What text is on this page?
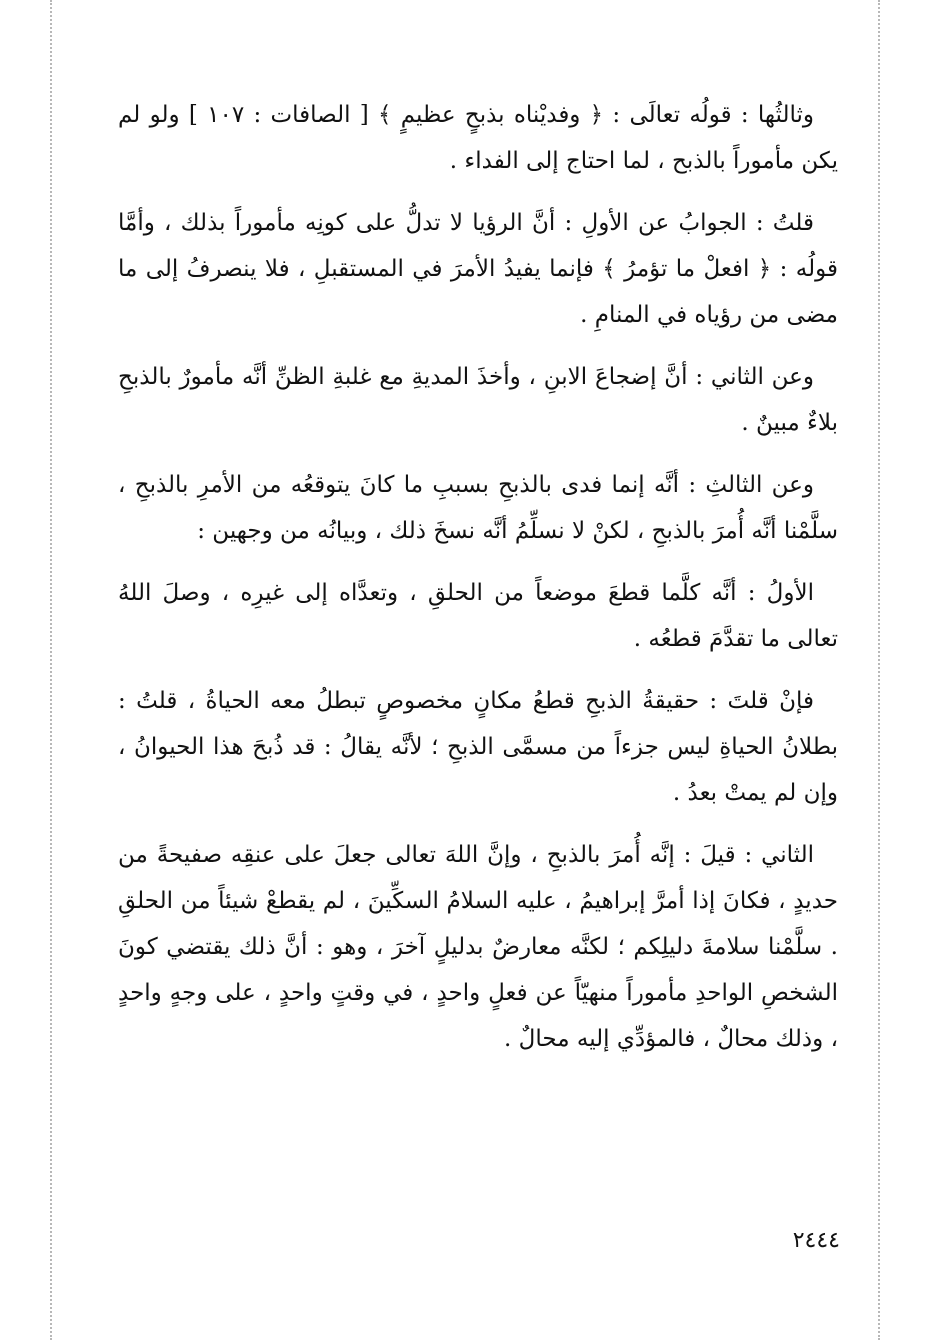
وثالثُها : قولُه تعالَى : ﴿ وفديْناه بذبحٍ عظيمٍ ﴾ [ الصافات : ١٠٧ ] ولو لم يكن مأموراً بالذبح ، لما احتاج إلى الفداء .

قلتُ : الجوابُ عن الأولِ : أنَّ الرؤيا لا تدلُّ على كونِه مأموراً بذلك ، وأمَّا قولُه : ﴿ افعلْ ما تؤمرُ ﴾ فإنما يفيدُ الأمرَ في المستقبلِ ، فلا ينصرفُ إلى ما مضى من رؤياه في المنامِ .

وعن الثاني : أنَّ إضجاعَ الابنِ ، وأخذَ المديةِ مع غلبةِ الظنِّ أنَّه مأمورٌ بالذبحِ بلاءٌ مبينٌ .

وعن الثالثِ : أنَّه إنما فدى بالذبحِ بسببِ ما كانَ يتوقعُه من الأمرِ بالذبحِ ، سلَّمْنا أنَّه أُمرَ بالذبحِ ، لكنْ لا نسلِّمُ أنَّه نسخَ ذلك ، وبيانُه من وجهين :

الأولُ : أنَّه كلَّما قطعَ موضعاً من الحلقِ ، وتعدَّاه إلى غيرِه ، وصلَ اللهُ تعالى ما تقدَّمَ قطعُه .

فإنْ قلتَ : حقيقةُ الذبحِ قطعُ مكانٍ مخصوصٍ تبطلُ معه الحياةُ ، قلتُ : بطلانُ الحياةِ ليس جزءاً من مسمَّى الذبحِ ؛ لأنَّه يقالُ : قد ذُبحَ هذا الحيوانُ ، وإن لم يمتْ بعدُ .

الثاني : قيلَ : إنَّه أُمرَ بالذبحِ ، وإنَّ اللهَ تعالى جعلَ على عنقِه صفيحةً من حديدٍ ، فكانَ إذا أمرَّ إبراهيمُ ، عليه السلامُ السكِّينَ ، لم يقطعْ شيئاً من الحلقِ . سلَّمْنا سلامةَ دليلِكم ؛ لكنَّه معارضٌ بدليلٍ آخرَ ، وهو : أنَّ ذلك يقتضي كونَ الشخصِ الواحدِ مأموراً منهيّاً عن فعلٍ واحدٍ ، في وقتٍ واحدٍ ، على وجهٍ واحدٍ ، وذلك محالٌ ، فالمؤدِّي إليه محالٌ .

٢٤٤٤
